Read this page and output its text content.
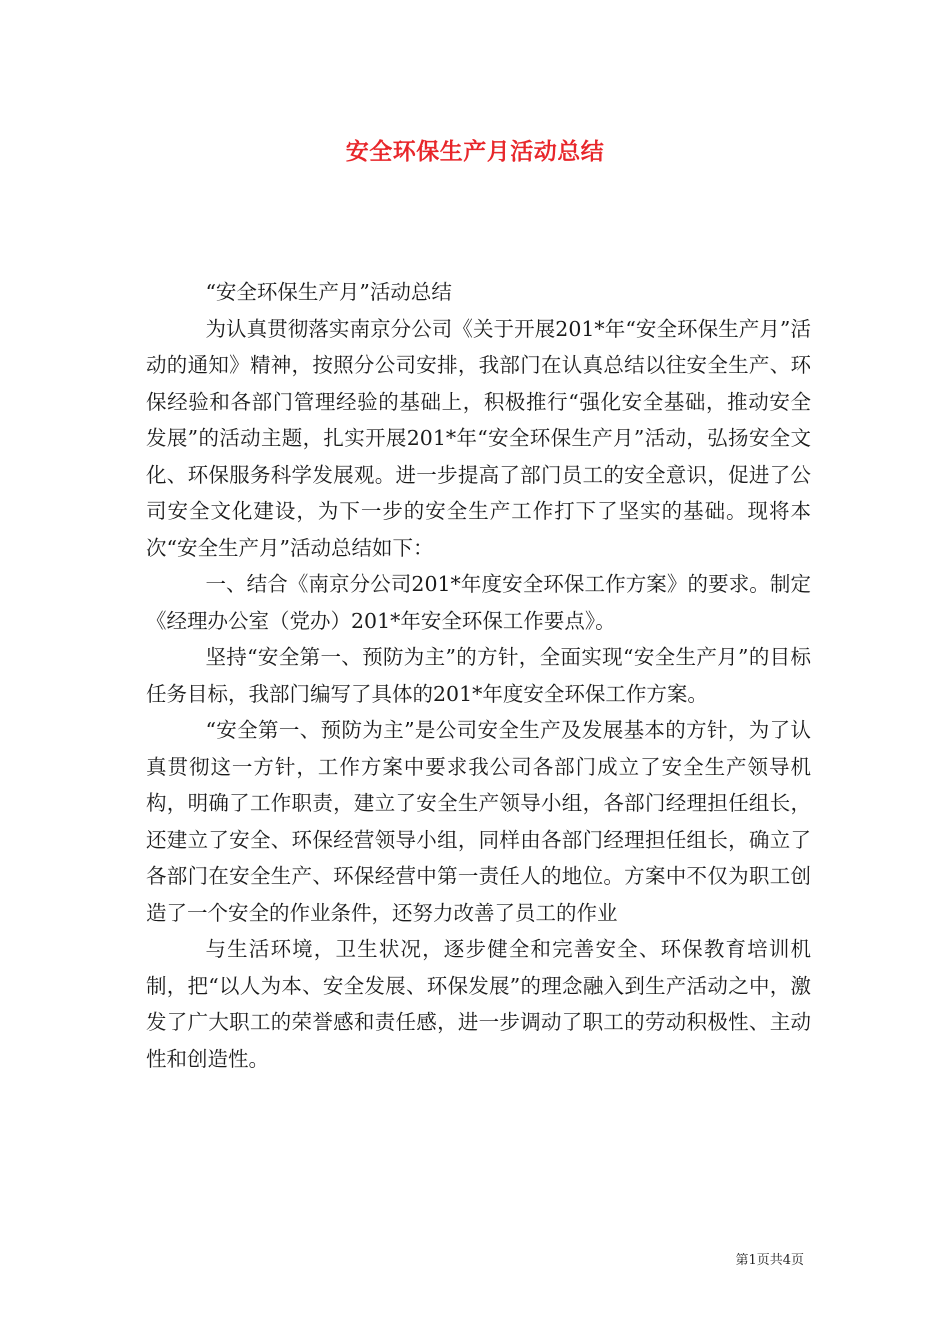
安全环保生产月活动总结

“安全环保生产月”活动总结

为认真贯彻落实南京分公司《关于开展201*年“安全环保生产月”活动的通知》精神，按照分公司安排，我部门在认真总结以往安全生产、环保经验和各部门管理经验的基础上，积极推行“强化安全基础，推动安全发展”的活动主题，扎实开展201*年“安全环保生产月”活动，弘扬安全文化、环保服务科学发展观。进一步提高了部门员工的安全意识，促进了公司安全文化建设，为下一步的安全生产工作打下了坚实的基础。现将本次“安全生产月”活动总结如下：

一、结合《南京分公司201*年度安全环保工作方案》的要求。制定《经理办公室（党办）201*年安全环保工作要点》。

坚持“安全第一、预防为主”的方针，全面实现“安全生产月”的目标任务目标，我部门编写了具体的201*年度安全环保工作方案。

“安全第一、预防为主”是公司安全生产及发展基本的方针，为了认真贯彻这一方针，工作方案中要求我公司各部门成立了安全生产领导机构，明确了工作职责，建立了安全生产领导小组，各部门经理担任组长，还建立了安全、环保经营领导小组，同样由各部门经理担任组长，确立了各部门在安全生产、环保经营中第一责任人的地位。方案中不仅为职工创造了一个安全的作业条件，还努力改善了员工的作业

与生活环境，卫生状况，逐步健全和完善安全、环保教育培训机制，把“以人为本、安全发展、环保发展”的理念融入到生产活动之中，激发了广大职工的荣誉感和责任感，进一步调动了职工的劳动积极性、主动性和创造性。

第1页共4页
